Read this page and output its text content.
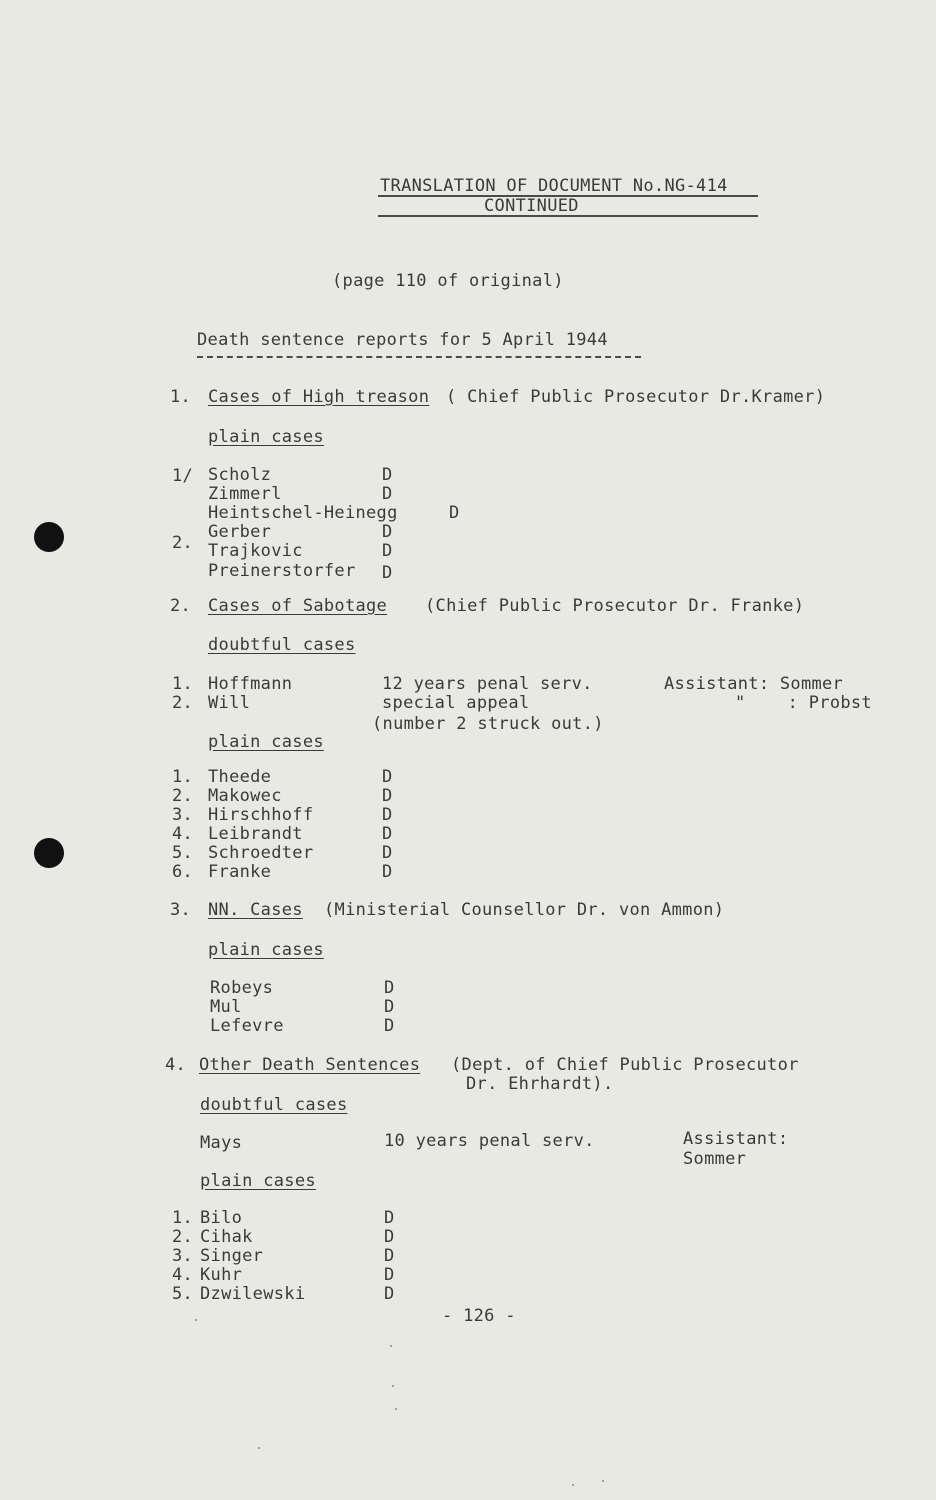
TRANSLATION OF DOCUMENT No.NG-414
CONTINUED
(page 110 of original)
Death sentence reports for 5 April 1944
1. Cases of High treason ( Chief Public Prosecutor Dr.Kramer)
plain cases
1/
2.
Scholz	D
Zimmerl	D
Heintschel-Heinegg	D
Gerber	D
Trajkovic	D
Preinerstorfer D
2. Cases of Sabotage (Chief Public Prosecutor Dr. Franke)
doubtful cases
1. Hoffmann	12 years penal serv.	Assistant: Sommer
2. Will	special appeal	"    : Probst
(number 2 struck out.)
plain cases
1. Theede	D
2. Makowec	D
3. Hirschhoff	D
4. Leibrandt	D
5. Schroedter	D
6. Franke	D
3. NN. Cases (Ministerial Counsellor Dr. von Ammon)
plain cases
Robeys	D
Mul	D
Lefevre	D
4. Other Death Sentences (Dept. of Chief Public Prosecutor
Dr. Ehrhardt).
doubtful cases
Mays	10 years penal serv.	Assistant:
Sommer
plain cases
1. Bilo	D
2. Cihak	D
3. Singer	D
4. Kuhr	D
5. Dzwilewski	D
- 126 -
